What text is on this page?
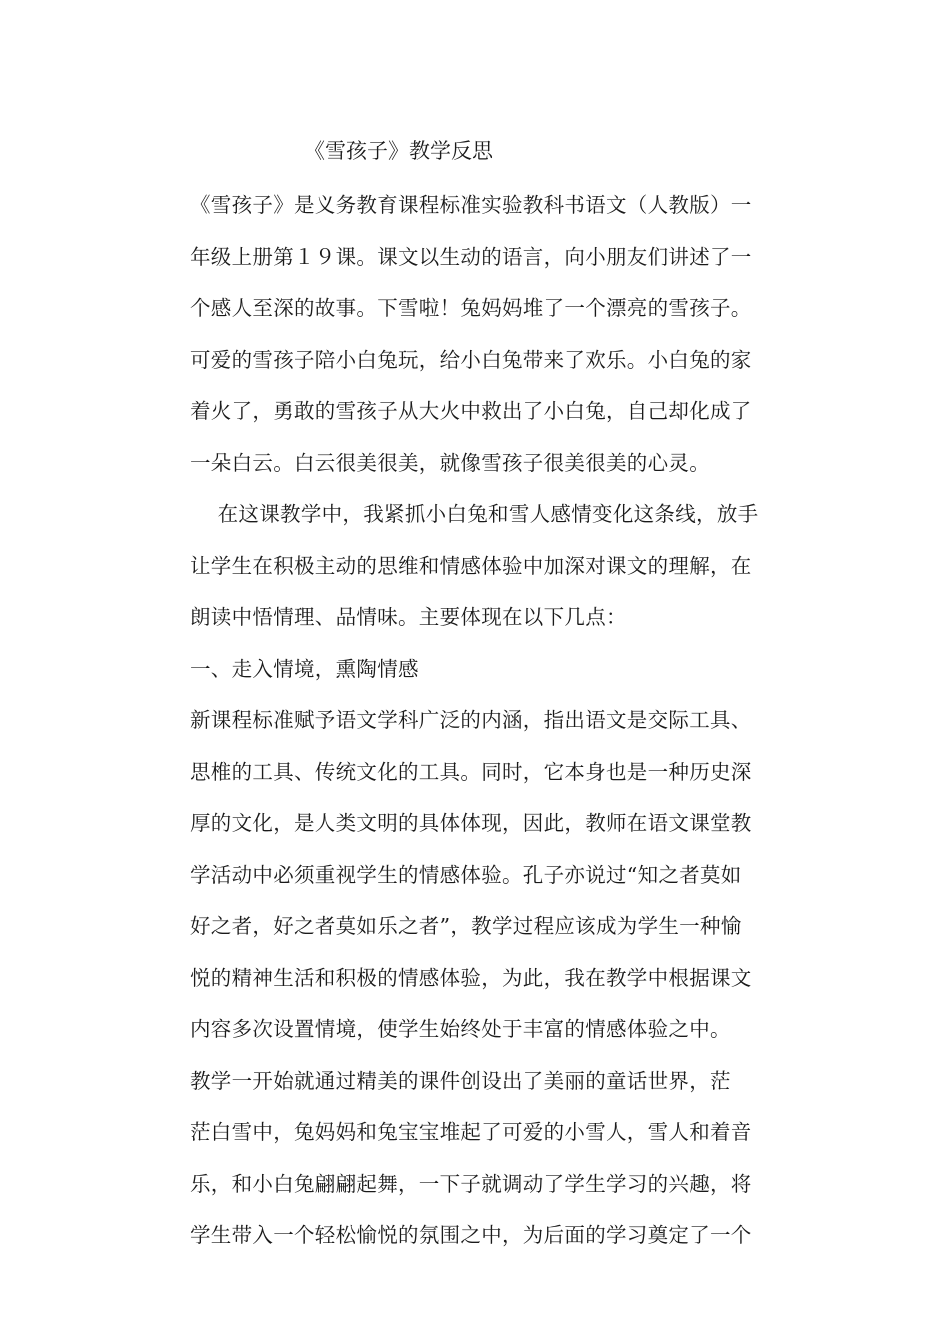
《雪孩子》教学反思
《雪孩子》是义务教育课程标准实验教科书语文（人教版）一
年级上册第１９课。课文以生动的语言，向小朋友们讲述了一
个感人至深的故事。下雪啦！兔妈妈堆了一个漂亮的雪孩子。
可爱的雪孩子陪小白兔玩，给小白兔带来了欢乐。小白兔的家
着火了，勇敢的雪孩子从大火中救出了小白兔，自己却化成了
一朵白云。白云很美很美，就像雪孩子很美很美的心灵。
　 在这课教学中，我紧抓小白兔和雪人感情变化这条线，放手
让学生在积极主动的思维和情感体验中加深对课文的理解，在
朗读中悟情理、品情味。主要体现在以下几点：
一、走入情境，熏陶情感
新课程标准赋予语文学科广泛的内涵，指出语文是交际工具、
思椎的工具、传统文化的工具。同时，它本身也是一种历史深
厚的文化，是人类文明的具体体现，因此，教师在语文课堂教
学活动中必须重视学生的情感体验。孔子亦说过“知之者莫如
好之者，好之者莫如乐之者”，教学过程应该成为学生一种愉
悦的精神生活和积极的情感体验，为此，我在教学中根据课文
内容多次设置情境，使学生始终处于丰富的情感体验之中。
教学一开始就通过精美的课件创设出了美丽的童话世界，茫
茫白雪中，兔妈妈和兔宝宝堆起了可爱的小雪人，雪人和着音
乐，和小白兔翩翩起舞，一下子就调动了学生学习的兴趣，将
学生带入一个轻松愉悦的氛围之中，为后面的学习奠定了一个
